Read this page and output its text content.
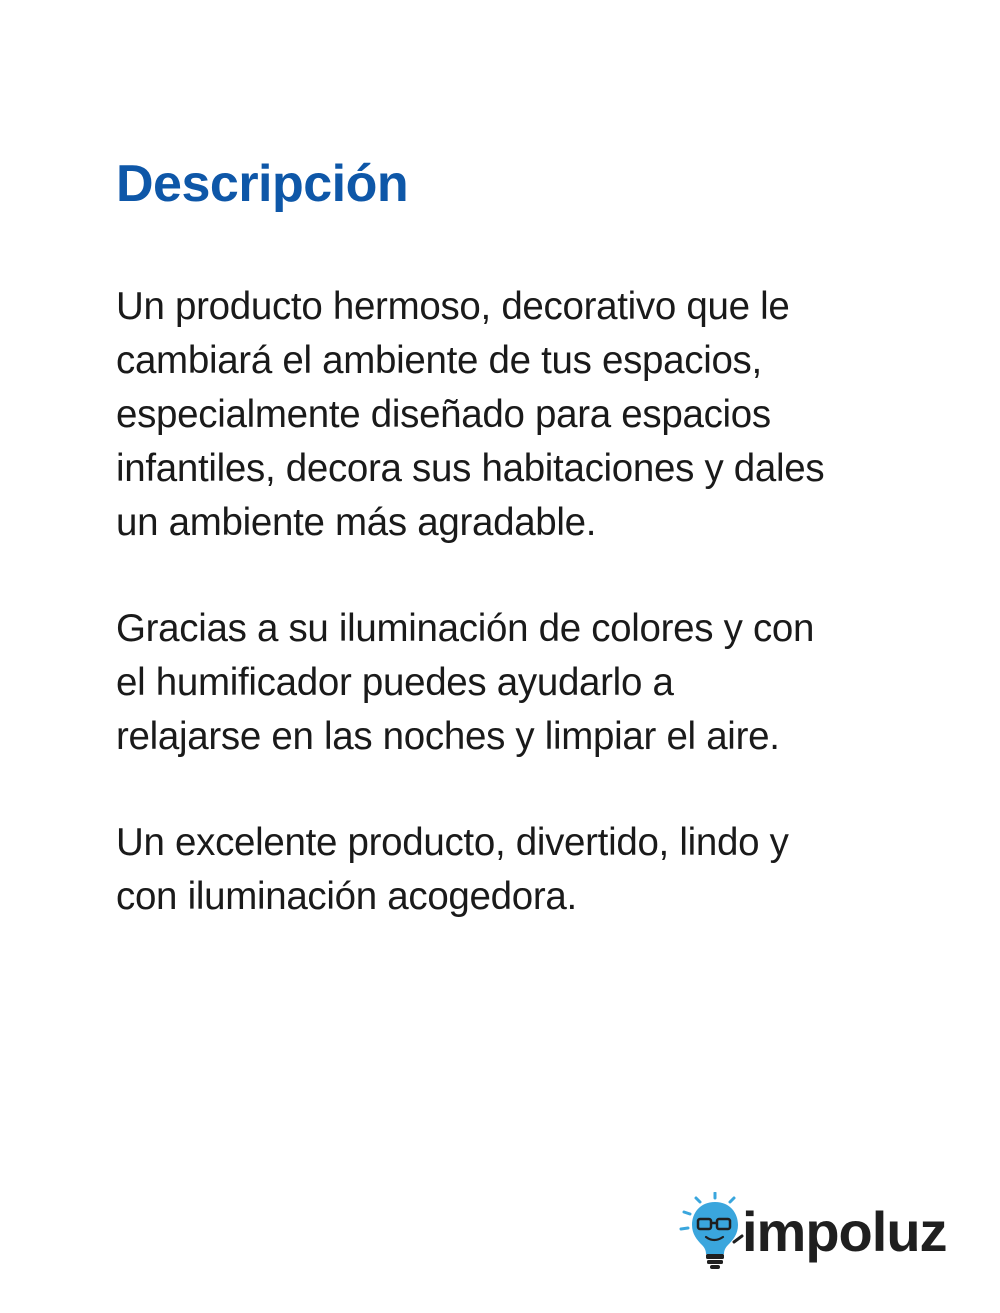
Descripción

Un producto hermoso, decorativo que le
cambiará el ambiente de tus espacios,
especialmente diseñado para espacios
infantiles, decora sus habitaciones y dales
un ambiente más agradable.

Gracias a su iluminación de colores y con
el humificador puedes ayudarlo a
relajarse en las noches y limpiar el aire.

Un excelente producto, divertido, lindo y
con iluminación acogedora.

impoluz
